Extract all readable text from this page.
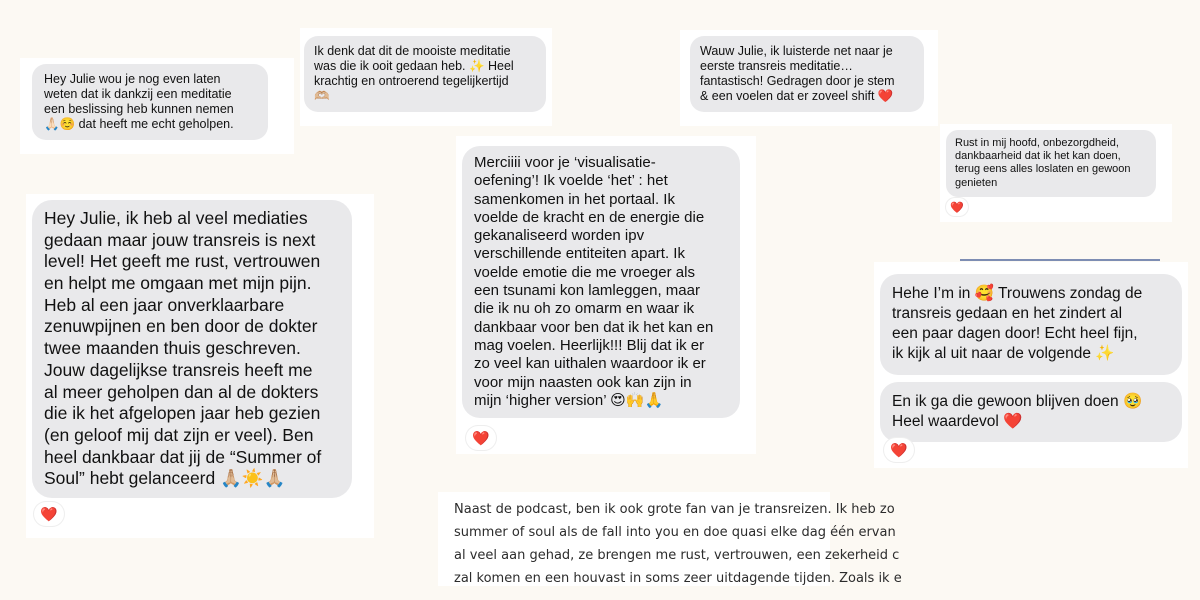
Hey Julie wou je nog even laten
weten dat ik dankzij een meditatie
een beslissing heb kunnen nemen
🙏🏻☺️ dat heeft me echt geholpen.
Ik denk dat dit de mooiste meditatie
was die ik ooit gedaan heb. ✨ Heel
krachtig en ontroerend tegelijkertijd
🫶🏼
Wauw Julie, ik luisterde net naar je
eerste transreis meditatie…
fantastisch! Gedragen door je stem
& een voelen dat er zoveel shift ❤️
Rust in mij hoofd, onbezorgdheid,
dankbaarheid dat ik het kan doen,
terug eens alles loslaten en gewoon
genieten
❤️
Hey Julie, ik heb al veel mediaties
gedaan maar jouw transreis is next
level! Het geeft me rust, vertrouwen
en helpt me omgaan met mijn pijn.
Heb al een jaar onverklaarbare
zenuwpijnen en ben door de dokter
twee maanden thuis geschreven.
Jouw dagelijkse transreis heeft me
al meer geholpen dan al de dokters
die ik het afgelopen jaar heb gezien
(en geloof mij dat zijn er veel). Ben
heel dankbaar dat jij de “Summer of
Soul” hebt gelanceerd 🙏🏼☀️🙏🏼
❤️
Merciiii voor je ‘visualisatie-
oefening’! Ik voelde ‘het’ : het
samenkomen in het portaal. Ik
voelde de kracht en de energie die
gekanaliseerd worden ipv
verschillende entiteiten apart. Ik
voelde emotie die me vroeger als
een tsunami kon lamleggen, maar
die ik nu oh zo omarm en waar ik
dankbaar voor ben dat ik het kan en
mag voelen. Heerlijk!!! Blij dat ik er
zo veel kan uithalen waardoor ik er
voor mijn naasten ook kan zijn in
mijn ‘higher version’ 😍🙌🙏
❤️
Hehe I’m in 🥰 Trouwens zondag de
transreis gedaan en het zindert al
een paar dagen door! Echt heel fijn,
ik kijk al uit naar de volgende ✨
En ik ga die gewoon blijven doen 🥹
Heel waardevol ❤️
❤️
Naast de podcast, ben ik ook grote fan van je transreizen. Ik heb zo
summer of soul als de fall into you en doe quasi elke dag één ervan
al veel aan gehad, ze brengen me rust, vertrouwen, een zekerheid c
zal komen en een houvast in soms zeer uitdagende tijden. Zoals ik e
